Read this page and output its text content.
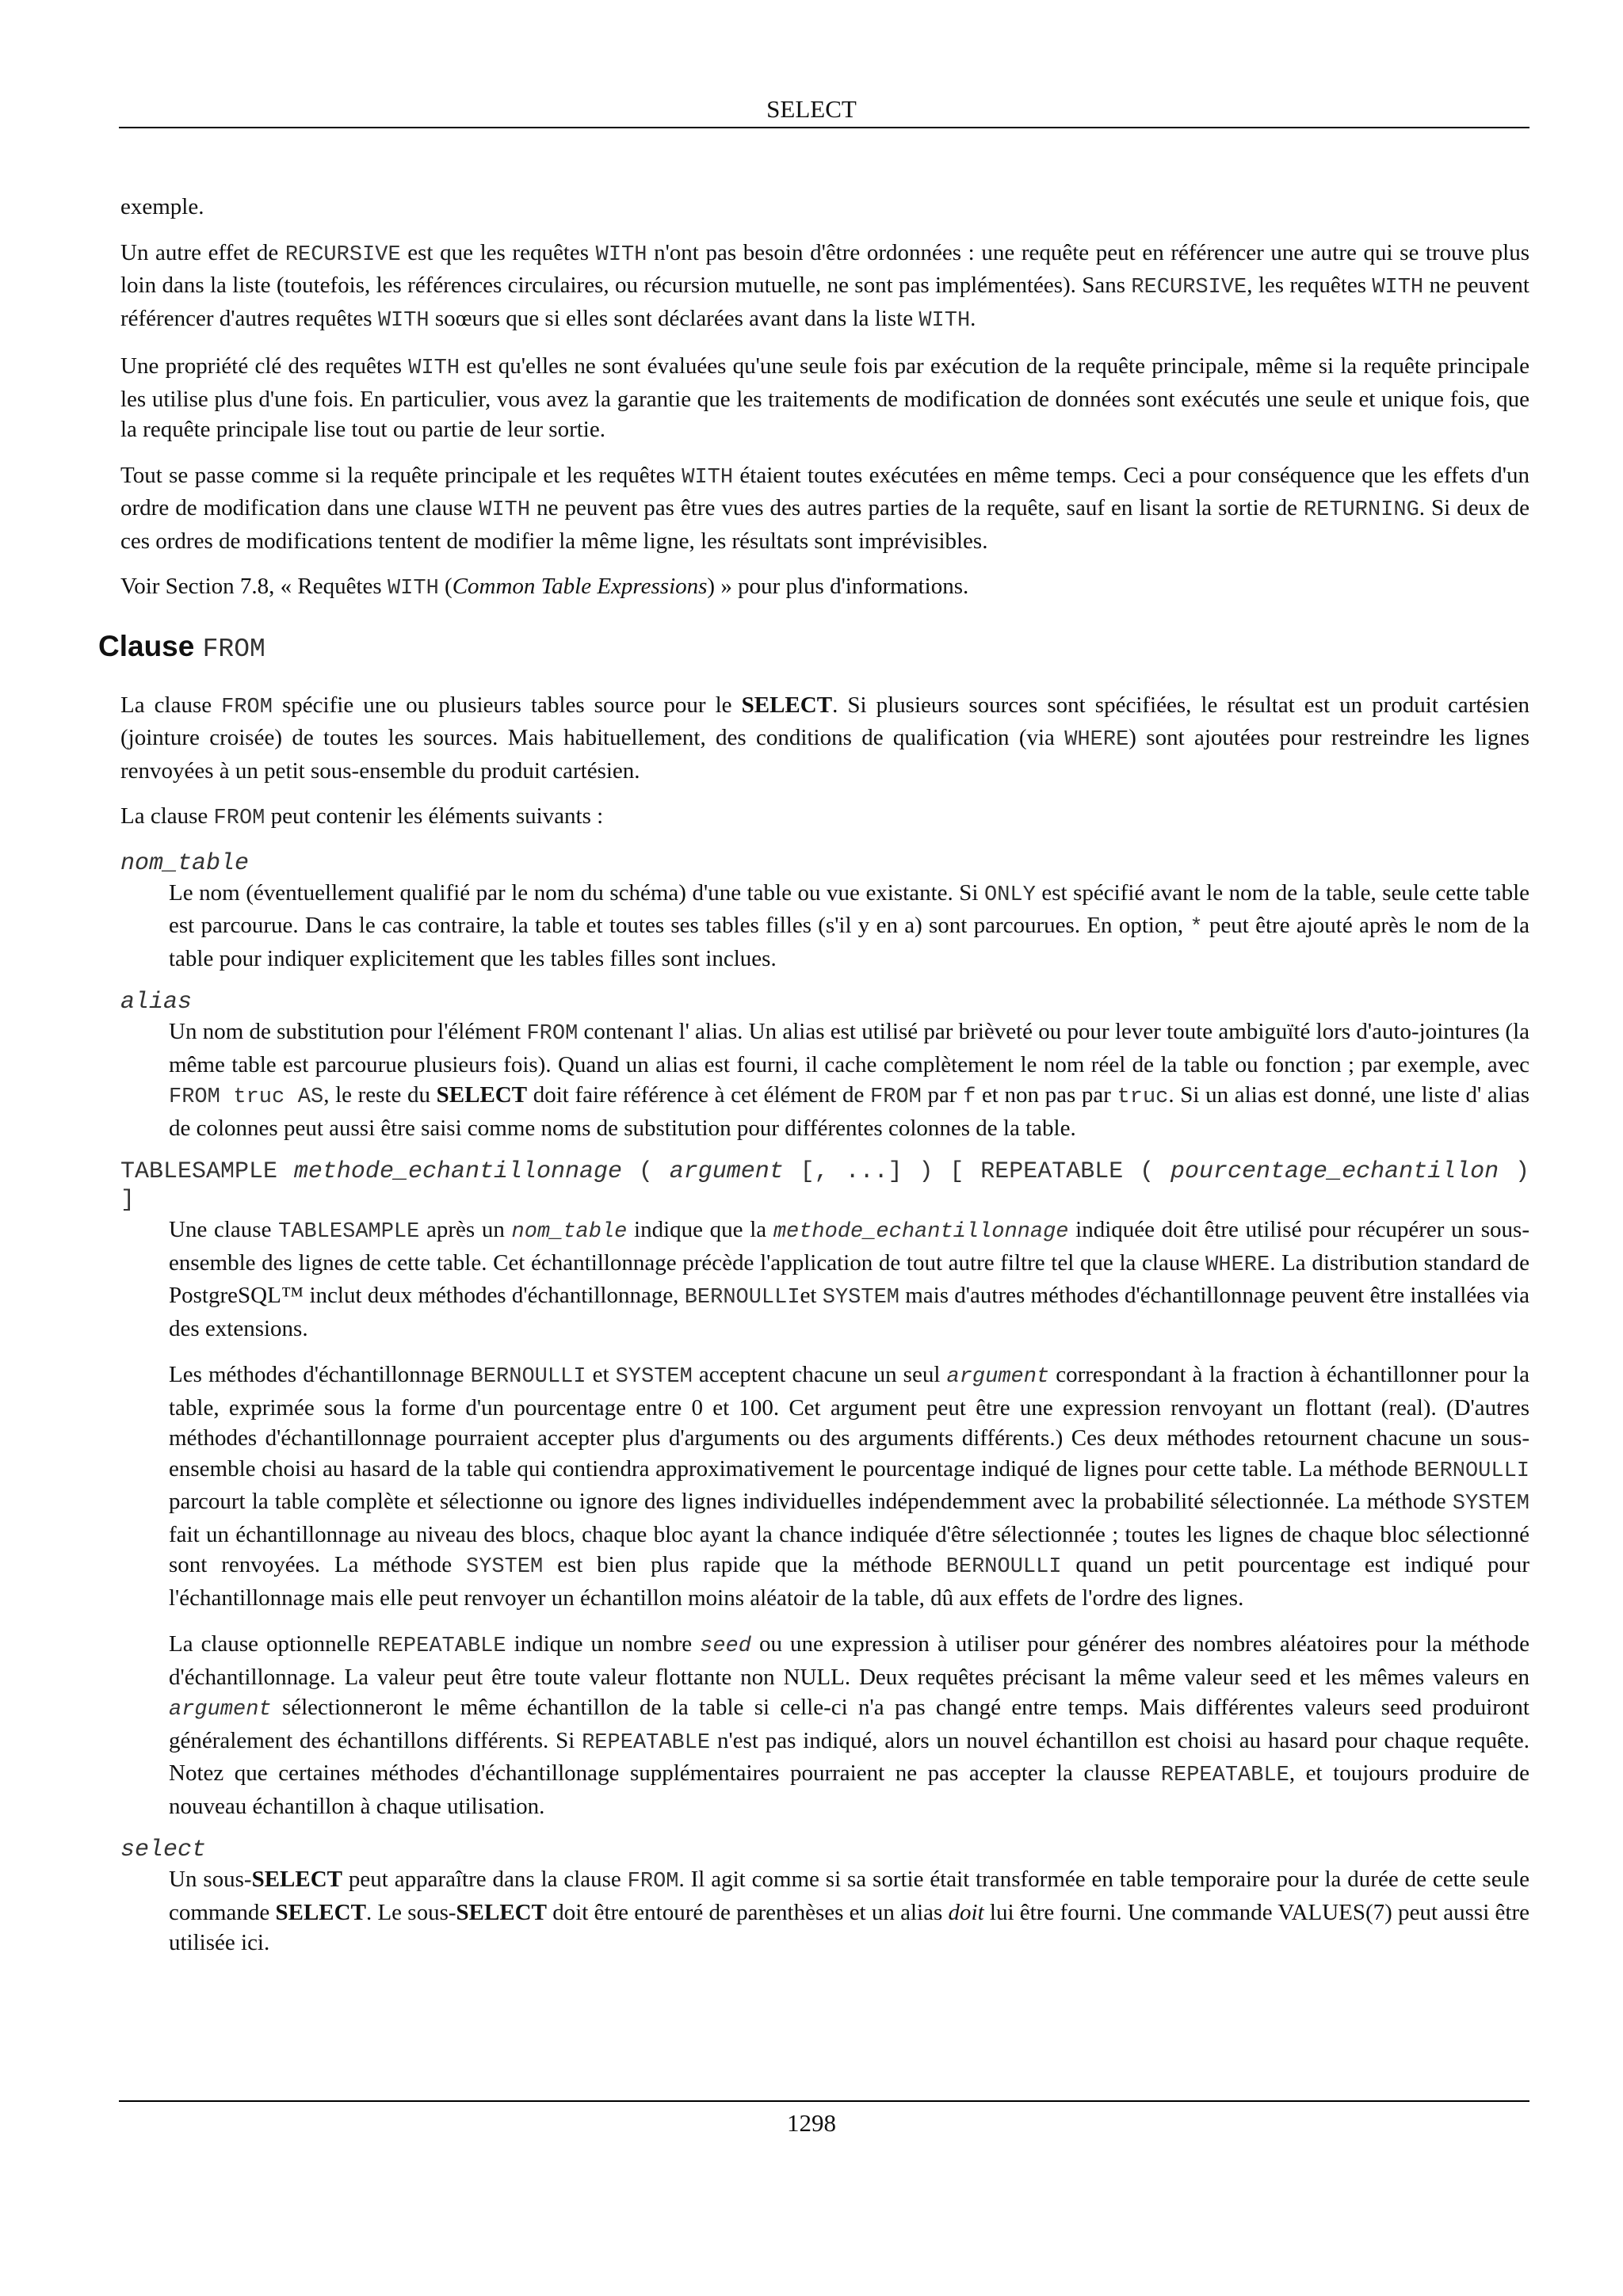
SELECT

exemple.

Un autre effet de RECURSIVE est que les requêtes WITH n'ont pas besoin d'être ordonnées : une requête peut en référencer une autre qui se trouve plus loin dans la liste (toutefois, les références circulaires, ou récursion mutuelle, ne sont pas implémentées). Sans RECURSIVE, les requêtes WITH ne peuvent référencer d'autres requêtes WITH soœurs que si elles sont déclarées avant dans la liste WITH.

Une propriété clé des requêtes WITH est qu'elles ne sont évaluées qu'une seule fois par exécution de la requête principale, même si la requête principale les utilise plus d'une fois. En particulier, vous avez la garantie que les traitements de modification de données sont exécutés une seule et unique fois, que la requête principale lise tout ou partie de leur sortie.

Tout se passe comme si la requête principale et les requêtes WITH étaient toutes exécutées en même temps. Ceci a pour conséquence que les effets d'un ordre de modification dans une clause WITH ne peuvent pas être vues des autres parties de la requête, sauf en lisant la sortie de RETURNING. Si deux de ces ordres de modifications tentent de modifier la même ligne, les résultats sont imprévisibles.

Voir Section 7.8, « Requêtes WITH (Common Table Expressions) » pour plus d'informations.

Clause FROM

La clause FROM spécifie une ou plusieurs tables source pour le SELECT. Si plusieurs sources sont spécifiées, le résultat est un produit cartésien (jointure croisée) de toutes les sources. Mais habituellement, des conditions de qualification (via WHERE) sont ajoutées pour restreindre les lignes renvoyées à un petit sous-ensemble du produit cartésien.

La clause FROM peut contenir les éléments suivants :

nom_table

Le nom (éventuellement qualifié par le nom du schéma) d'une table ou vue existante. Si ONLY est spécifié avant le nom de la table, seule cette table est parcourue. Dans le cas contraire, la table et toutes ses tables filles (s'il y en a) sont parcourues. En option, * peut être ajouté après le nom de la table pour indiquer explicitement que les tables filles sont inclues.

alias

Un nom de substitution pour l'élément FROM contenant l' alias. Un alias est utilisé par brièveté ou pour lever toute ambiguïté lors d'auto-jointures (la même table est parcourue plusieurs fois). Quand un alias est fourni, il cache complètement le nom réel de la table ou fonction ; par exemple, avec FROM truc AS, le reste du SELECT doit faire référence à cet élément de FROM par f et non pas par truc. Si un alias est donné, une liste d' alias de colonnes peut aussi être saisi comme noms de substitution pour différentes colonnes de la table.

TABLESAMPLE methode_echantillonnage ( argument [, ...] ) [ REPEATABLE ( pourcentage_echantillon ) ]

Une clause TABLESAMPLE après un nom_table indique que la methode_echantillonnage indiquée doit être utilisé pour récupérer un sous-ensemble des lignes de cette table. Cet échantillonnage précède l'application de tout autre filtre tel que la clause WHERE. La distribution standard de PostgreSQL™ inclut deux méthodes d'échantillonnage, BERNOULLIet SYSTEM mais d'autres méthodes d'échantillonnage peuvent être installées via des extensions.

Les méthodes d'échantillonnage BERNOULLI et SYSTEM acceptent chacune un seul argument correspondant à la fraction à échantillonner pour la table, exprimée sous la forme d'un pourcentage entre 0 et 100. Cet argument peut être une expression renvoyant un flottant (real). (D'autres méthodes d'échantillonnage pourraient accepter plus d'arguments ou des arguments différents.) Ces deux méthodes retournent chacune un sous-ensemble choisi au hasard de la table qui contiendra approximativement le pourcentage indiqué de lignes pour cette table. La méthode BERNOULLI parcourt la table complète et sélectionne ou ignore des lignes individuelles indépendemment avec la probabilité sélectionnée. La méthode SYSTEM fait un échantillonnage au niveau des blocs, chaque bloc ayant la chance indiquée d'être sélectionnée ; toutes les lignes de chaque bloc sélectionné sont renvoyées. La méthode SYSTEM est bien plus rapide que la méthode BERNOULLI quand un petit pourcentage est indiqué pour l'échantillonnage mais elle peut renvoyer un échantillon moins aléatoir de la table, dû aux effets de l'ordre des lignes.

La clause optionnelle REPEATABLE indique un nombre seed ou une expression à utiliser pour générer des nombres aléatoires pour la méthode d'échantillonnage. La valeur peut être toute valeur flottante non NULL. Deux requêtes précisant la même valeur seed et les mêmes valeurs en argument sélectionneront le même échantillon de la table si celle-ci n'a pas changé entre temps. Mais différentes valeurs seed produiront généralement des échantillons différents. Si REPEATABLE n'est pas indiqué, alors un nouvel échantillon est choisi au hasard pour chaque requête. Notez que certaines méthodes d'échantillonage supplémentaires pourraient ne pas accepter la clausse REPEATABLE, et toujours produire de nouveau échantillon à chaque utilisation.

select

Un sous-SELECT peut apparaître dans la clause FROM. Il agit comme si sa sortie était transformée en table temporaire pour la durée de cette seule commande SELECT. Le sous-SELECT doit être entouré de parenthèses et un alias doit lui être fourni. Une commande VALUES(7) peut aussi être utilisée ici.

1298
